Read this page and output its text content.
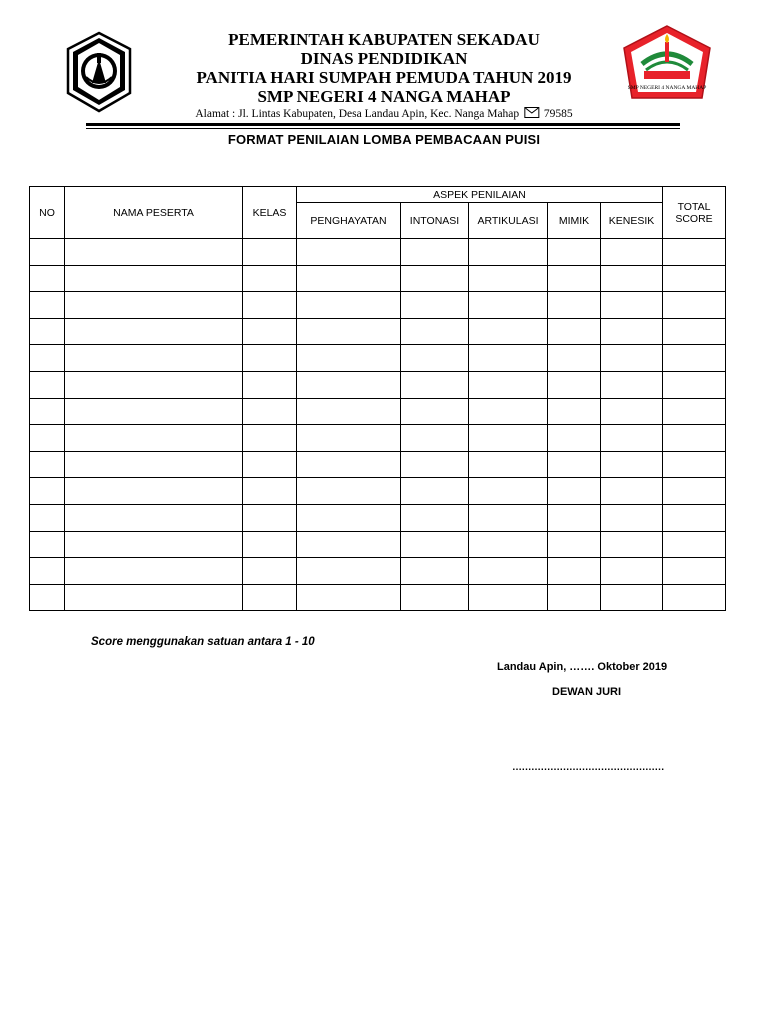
PEMERINTAH KABUPATEN SEKADAU
DINAS PENDIDIKAN
PANITIA HARI SUMPAH PEMUDA TAHUN 2019
SMP NEGERI 4 NANGA MAHAP
Alamat : Jl. Lintas Kabupaten, Desa Landau Apin, Kec. Nanga Mahap 79585
SMP NEGERI 4 NANGA MAHAP
FORMAT PENILAIAN LOMBA PEMBACAAN PUISI
NO	NAMA PESERTA	KELAS	ASPEK PENILAIAN					TOTAL
SCORE

			PENGHAYATAN	INTONASI	ARTIKULASI	MIMIK	KENESIK	

Score menggunakan satuan antara 1 - 10
Landau Apin, ……. Oktober 2019
DEWAN JURI
…………………………………………
